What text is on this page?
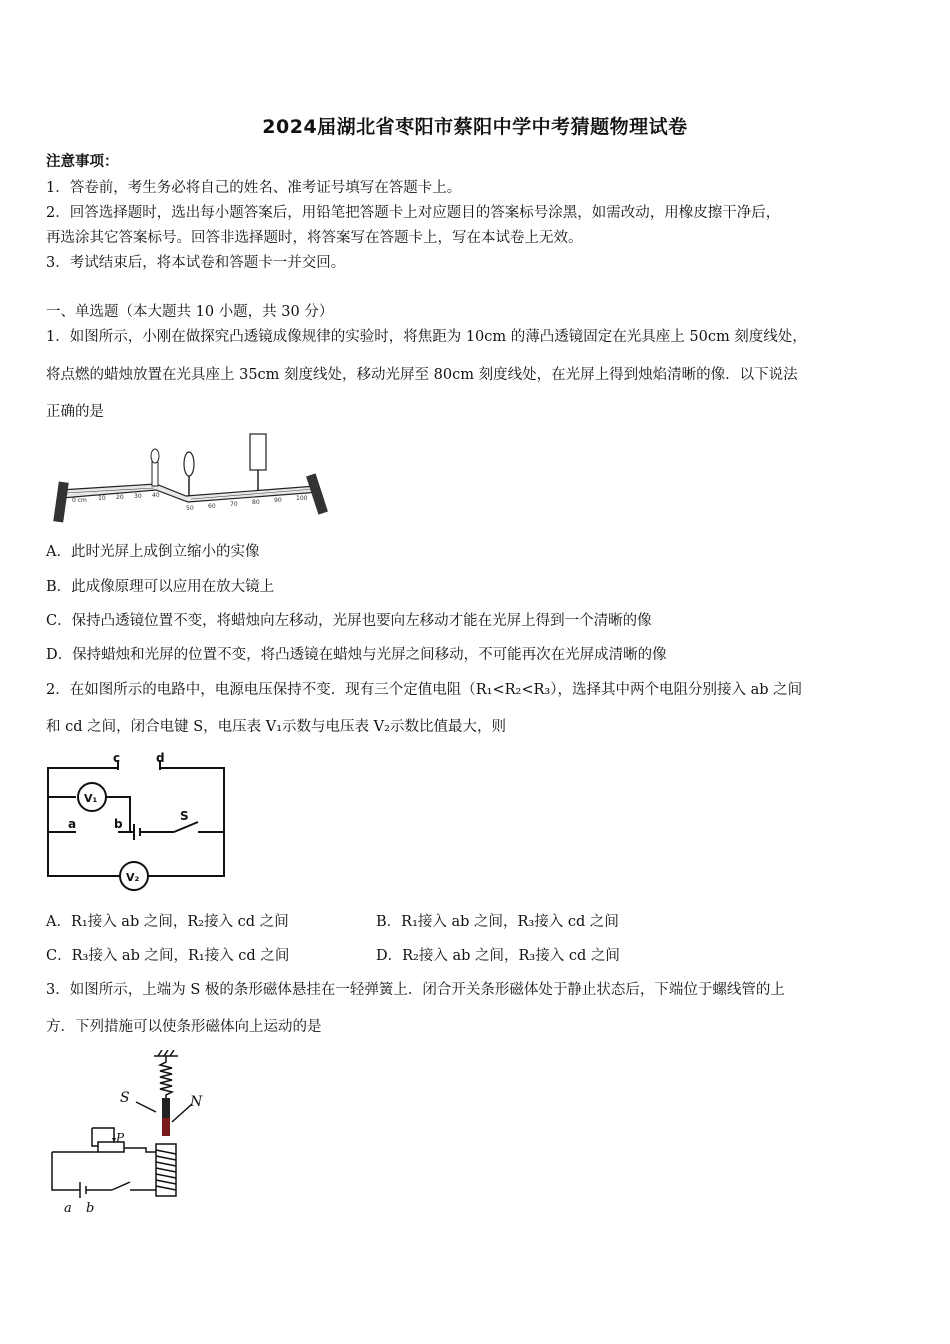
2024届湖北省枣阳市蔡阳中学中考猜题物理试卷
注意事项：
1．答卷前，考生务必将自己的姓名、准考证号填写在答题卡上。
2．回答选择题时，选出每小题答案后，用铅笔把答题卡上对应题目的答案标号涂黑，如需改动，用橡皮擦干净后，
再选涂其它答案标号。回答非选择题时，将答案写在答题卡上，写在本试卷上无效。
3．考试结束后，将本试卷和答题卡一并交回。
一、单选题（本大题共 10 小题，共 30 分）
1．如图所示，小刚在做探究凸透镜成像规律的实验时，将焦距为 10cm 的薄凸透镜固定在光具座上 50cm 刻度线处，
将点燃的蜡烛放置在光具座上 35cm 刻度线处，移动光屏至 80cm 刻度线处，在光屏上得到烛焰清晰的像．以下说法
正确的是
0 cm 10 20 30 40
50 60 70 80 90 100
A．此时光屏上成倒立缩小的实像
B．此成像原理可以应用在放大镜上
C．保持凸透镜位置不变，将蜡烛向左移动，光屏也要向左移动才能在光屏上得到一个清晰的像
D．保持蜡烛和光屏的位置不变，将凸透镜在蜡烛与光屏之间移动，不可能再次在光屏成清晰的像
2．在如图所示的电路中，电源电压保持不变．现有三个定值电阻（R₁<R₂<R₃），选择其中两个电阻分别接入 ab 之间
和 cd 之间，闭合电键 S，电压表 V₁示数与电压表 V₂示数比值最大，则
c	d
a	b
S
V₁
V₂
A．R₁接入 ab 之间，R₂接入 cd 之间	B．R₁接入 ab 之间，R₃接入 cd 之间
C．R₃接入 ab 之间，R₁接入 cd 之间	D．R₂接入 ab 之间，R₃接入 cd 之间
3．如图所示，上端为 S 极的条形磁体悬挂在一轻弹簧上．闭合开关条形磁体处于静止状态后，下端位于螺线管的上
方．下列措施可以使条形磁体向上运动的是
S	N
P
a b
